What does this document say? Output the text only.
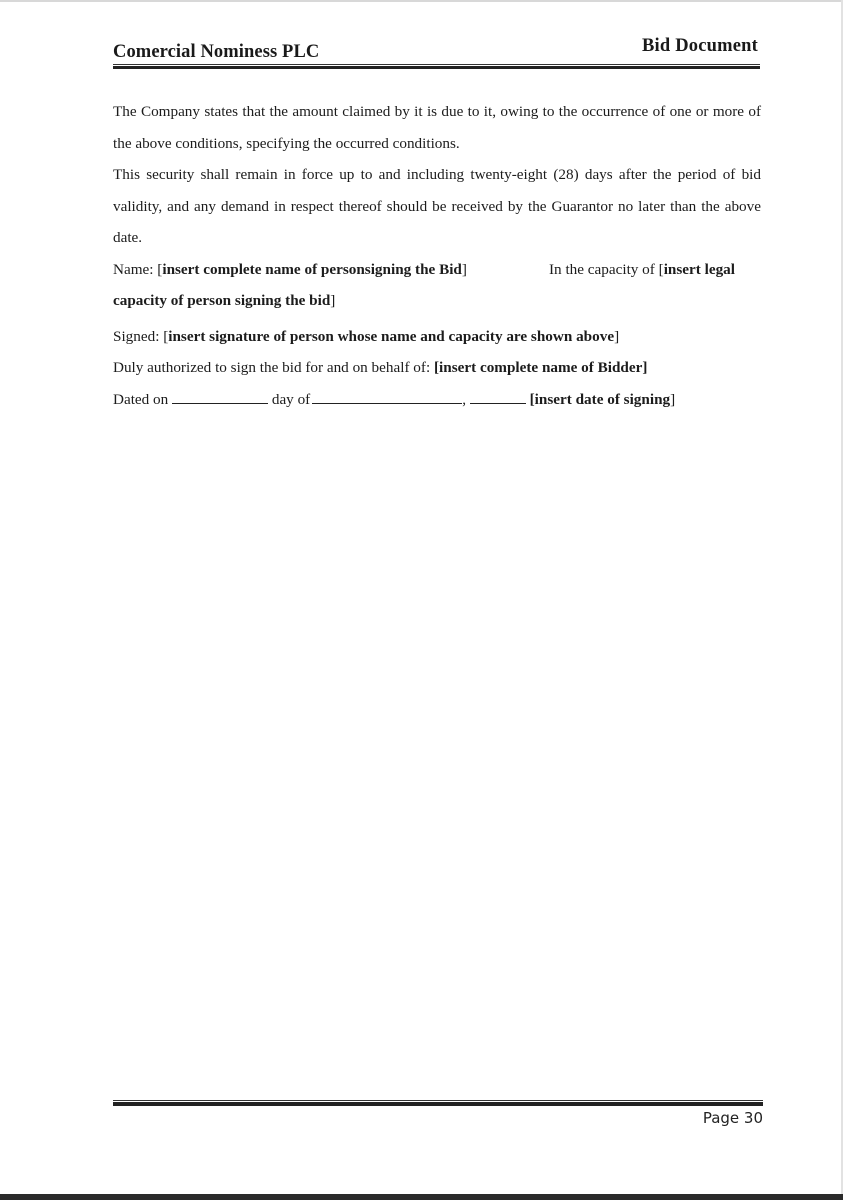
Comercial Nominess PLC	Bid Document

The Company states that the amount claimed by it is due to it, owing to the occurrence of one or more of the above conditions, specifying the occurred conditions.

This security shall remain in force up to and including twenty-eight (28) days after the period of bid validity, and any demand in respect thereof should be received by the Guarantor no later than the above date.

Name: [insert complete name of personsigning the Bid]	In the capacity of [insert legal

capacity of person signing the bid]

Signed: [insert signature of person whose name and capacity are shown above]

Duly authorized to sign the bid for and on behalf of: [insert complete name of Bidder]

Dated on	day of	,	[insert date of signing]

Page 30
